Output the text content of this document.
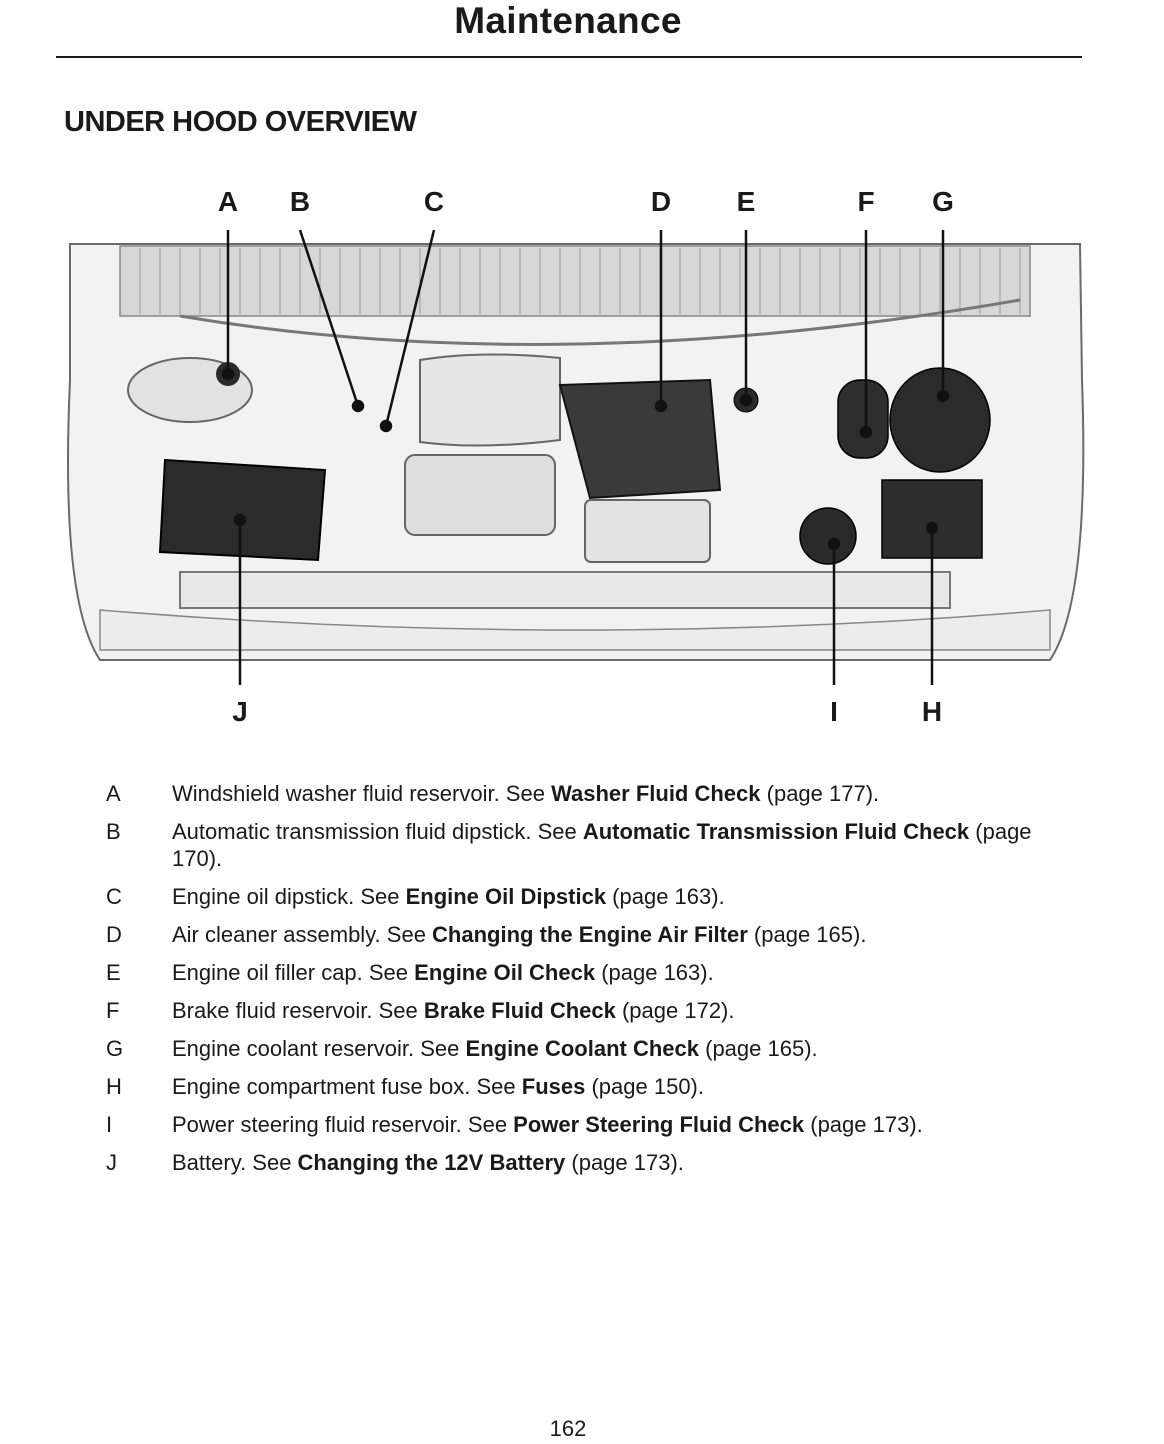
Maintenance
UNDER HOOD OVERVIEW
A	B	C	D	E	F	G
J	I	H
A	Windshield washer fluid reservoir. See Washer Fluid Check (page 177).
B	Automatic transmission fluid dipstick. See Automatic Transmission Fluid Check (page 170).
C	Engine oil dipstick. See Engine Oil Dipstick (page 163).
D	Air cleaner assembly. See Changing the Engine Air Filter (page 165).
E	Engine oil filler cap. See Engine Oil Check (page 163).
F	Brake fluid reservoir. See Brake Fluid Check (page 172).
G	Engine coolant reservoir. See Engine Coolant Check (page 165).
H	Engine compartment fuse box. See Fuses (page 150).
I	Power steering fluid reservoir. See Power Steering Fluid Check (page 173).
J	Battery. See Changing the 12V Battery (page 173).
162
